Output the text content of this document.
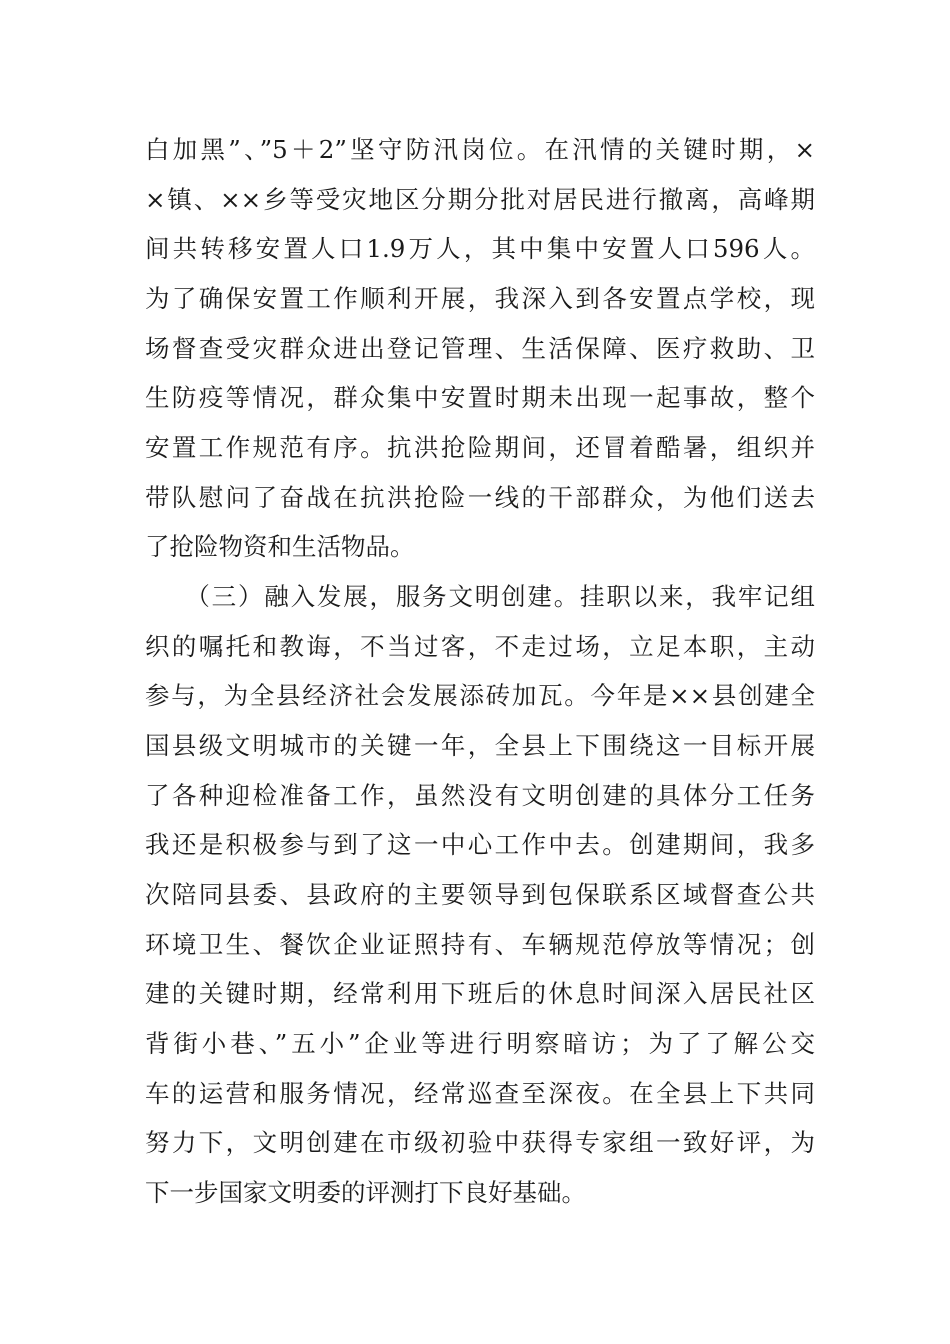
白加黑”、”5＋2”坚守防汛岗位。在汛情的关键时期，×
×镇、××乡等受灾地区分期分批对居民进行撤离，高峰期
间共转移安置人口1.9万人，其中集中安置人口596人。
为了确保安置工作顺利开展，我深入到各安置点学校，现
场督查受灾群众进出登记管理、生活保障、医疗救助、卫
生防疫等情况，群众集中安置时期未出现一起事故，整个
安置工作规范有序。抗洪抢险期间，还冒着酷暑，组织并
带队慰问了奋战在抗洪抢险一线的干部群众，为他们送去
了抢险物资和生活物品。
　　（三）融入发展，服务文明创建。挂职以来，我牢记组
织的嘱托和教诲，不当过客，不走过场，立足本职，主动
参与，为全县经济社会发展添砖加瓦。今年是××县创建全
国县级文明城市的关键一年，全县上下围绕这一目标开展
了各种迎检准备工作，虽然没有文明创建的具体分工任务
我还是积极参与到了这一中心工作中去。创建期间，我多
次陪同县委、县政府的主要领导到包保联系区域督查公共
环境卫生、餐饮企业证照持有、车辆规范停放等情况；创
建的关键时期，经常利用下班后的休息时间深入居民社区
背街小巷、”五小”企业等进行明察暗访；为了了解公交
车的运营和服务情况，经常巡查至深夜。在全县上下共同
努力下，文明创建在市级初验中获得专家组一致好评，为
下一步国家文明委的评测打下良好基础。
